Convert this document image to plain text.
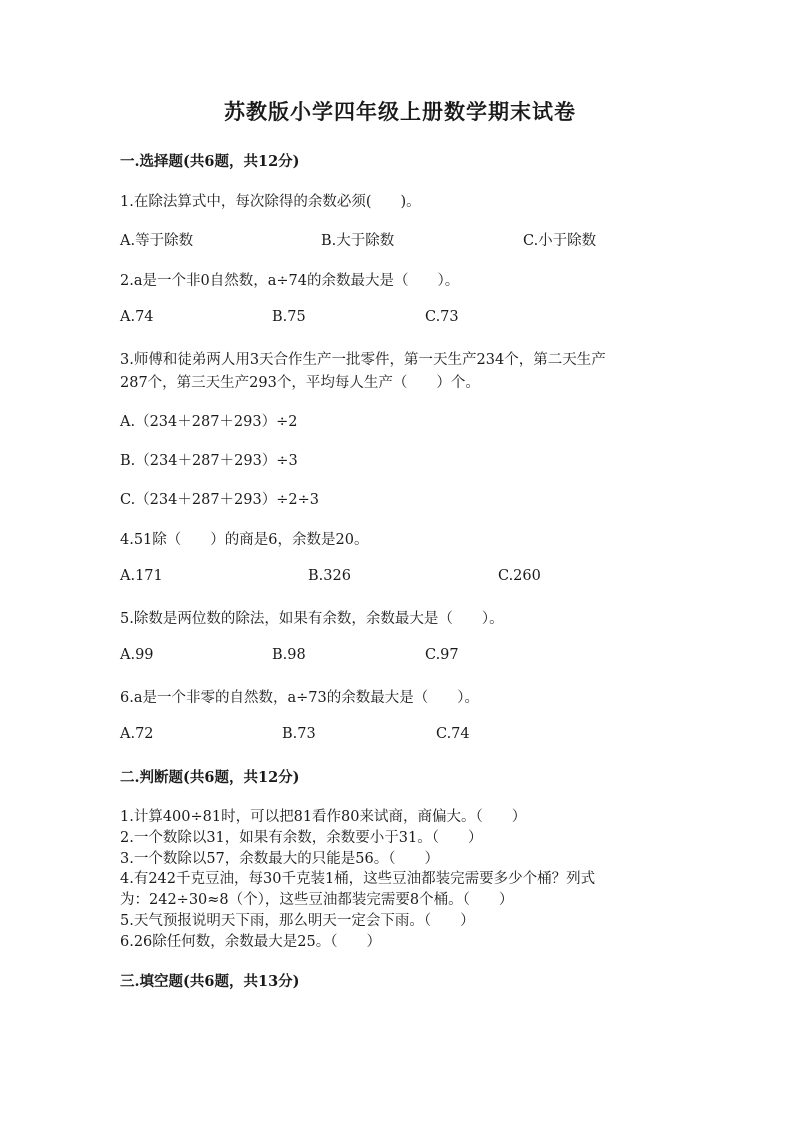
苏教版小学四年级上册数学期末试卷
一.选择题(共6题，共12分)
1.在除法算式中，每次除得的余数必须(　　)。
A.等于除数	B.大于除数	C.小于除数
2.a是一个非0自然数，a÷74的余数最大是（　　）。
A.74	B.75	C.73
3.师傅和徒弟两人用3天合作生产一批零件，第一天生产234个，第二天生产
287个，第三天生产293个，平均每人生产（　　）个。
A.（234＋287＋293）÷2
B.（234＋287＋293）÷3
C.（234＋287＋293）÷2÷3
4.51除（　　）的商是6，余数是20。
A.171	B.326	C.260
5.除数是两位数的除法，如果有余数，余数最大是（　　）。
A.99	B.98	C.97
6.a是一个非零的自然数，a÷73的余数最大是（　　）。
A.72	B.73	C.74
二.判断题(共6题，共12分)
1.计算400÷81时，可以把81看作80来试商，商偏大。（　　）
2.一个数除以31，如果有余数，余数要小于31。（　　）
3.一个数除以57，余数最大的只能是56。（　　）
4.有242千克豆油，每30千克装1桶，这些豆油都装完需要多少个桶？列式
为：242÷30≈8（个），这些豆油都装完需要8个桶。（　　）
5.天气预报说明天下雨，那么明天一定会下雨。（　　）
6.26除任何数，余数最大是25。（　　）
三.填空题(共6题，共13分)
